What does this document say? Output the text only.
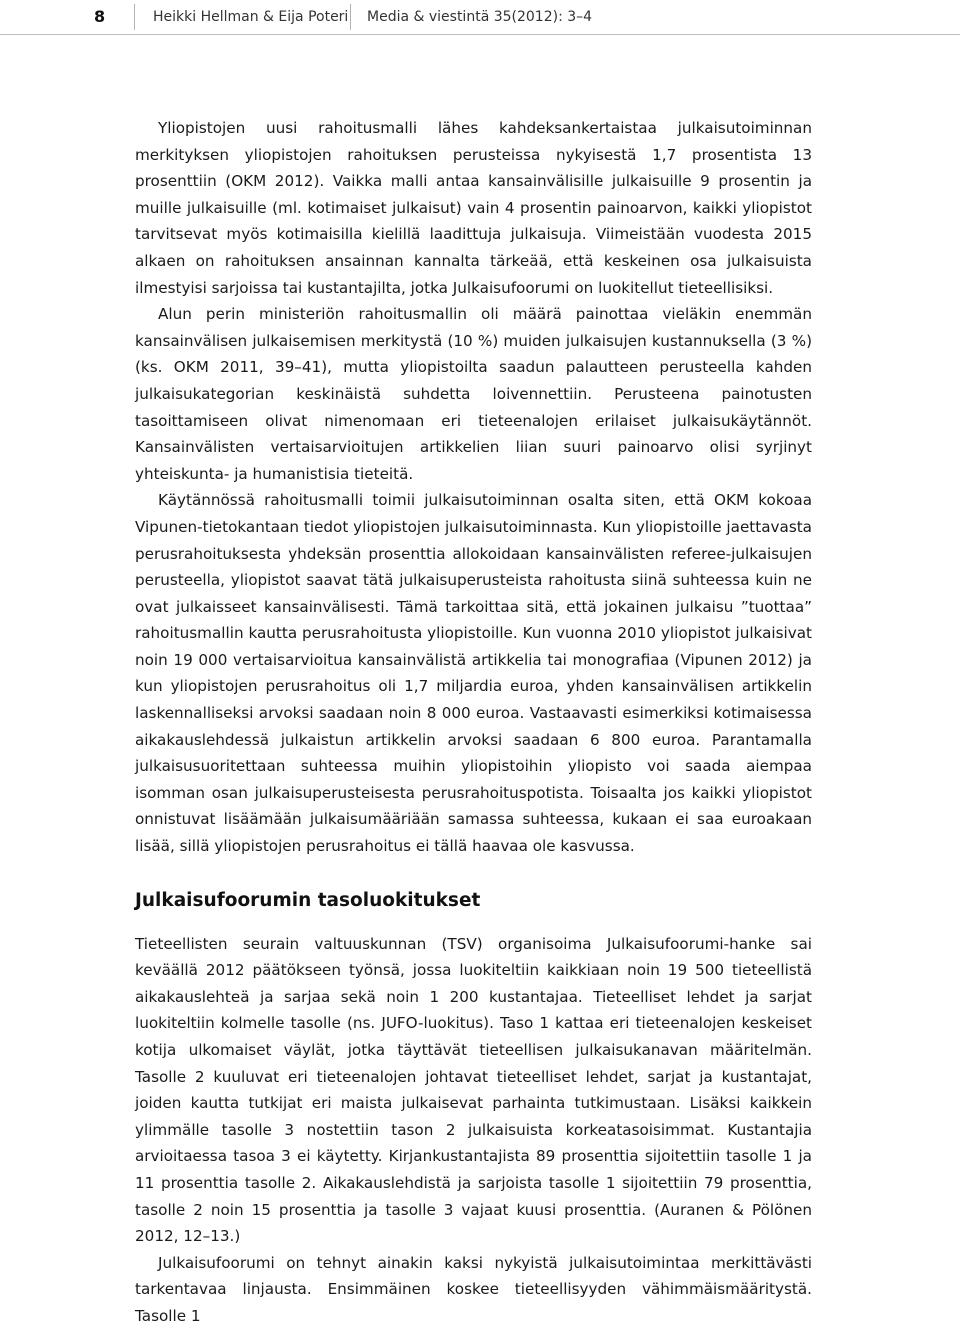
8	Heikki Hellman & Eija Poteri Media & viestintä 35(2012): 3–4

Yliopistojen uusi rahoitusmalli lähes kahdeksankertaistaa julkaisutoiminnan merkityksen yliopistojen rahoituksen perusteissa nykyisestä 1,7 prosentista 13 prosenttiin (OKM 2012). Vaikka malli antaa kansainvälisille julkaisuille 9 prosentin ja muille julkaisuille (ml. kotimaiset julkaisut) vain 4 prosentin painoarvon, kaikki yliopistot tarvitsevat myös kotimaisilla kielillä laadittuja julkaisuja. Viimeistään vuodesta 2015 alkaen on rahoituksen ansainnan kannalta tärkeää, että keskeinen osa julkaisuista ilmestyisi sarjoissa tai kustantajilta, jotka Julkaisufoorumi on luokitellut tieteellisiksi.

Alun perin ministeriön rahoitusmallin oli määrä painottaa vieläkin enemmän kansainvälisen julkaisemisen merkitystä (10 %) muiden julkaisujen kustannuksella (3 %) (ks. OKM 2011, 39–41), mutta yliopistoilta saadun palautteen perusteella kahden julkaisukategorian keskinäistä suhdetta loivennettiin. Perusteena painotusten tasoittamiseen olivat nimenomaan eri tieteenalojen erilaiset julkaisukäytännöt. Kansainvälisten vertaisarvioitujen artikkelien liian suuri painoarvo olisi syrjinyt yhteiskunta- ja humanistisia tieteitä.

Käytännössä rahoitusmalli toimii julkaisutoiminnan osalta siten, että OKM kokoaa Vipunen-tietokantaan tiedot yliopistojen julkaisutoiminnasta. Kun yliopistoille jaettavasta perusrahoituksesta yhdeksän prosenttia allokoidaan kansainvälisten referee-julkaisujen perusteella, yliopistot saavat tätä julkaisuperusteista rahoitusta siinä suhteessa kuin ne ovat julkaisseet kansainvälisesti. Tämä tarkoittaa sitä, että jokainen julkaisu ”tuottaa” rahoitusmallin kautta perusrahoitusta yliopistoille. Kun vuonna 2010 yliopistot julkaisivat noin 19 000 vertaisarvioitua kansainvälistä artikkelia tai monografiaa (Vipunen 2012) ja kun yliopistojen perusrahoitus oli 1,7 miljardia euroa, yhden kansainvälisen artikkelin laskennalliseksi arvoksi saadaan noin 8 000 euroa. Vastaavasti esimerkiksi kotimaisessa aikakauslehdessä julkaistun artikkelin arvoksi saadaan 6 800 euroa. Parantamalla julkaisusuoritettaan suhteessa muihin yliopistoihin yliopisto voi saada aiempaa isomman osan julkaisuperusteisesta perusrahoituspotista. Toisaalta jos kaikki yliopistot onnistuvat lisäämään julkaisumääriään samassa suhteessa, kukaan ei saa euroakaan lisää, sillä yliopistojen perusrahoitus ei tällä haavaa ole kasvussa.

Julkaisufoorumin tasoluokitukset

Tieteellisten seurain valtuuskunnan (TSV) organisoima Julkaisufoorumi-hanke sai keväällä 2012 päätökseen työnsä, jossa luokiteltiin kaikkiaan noin 19 500 tieteellistä aikakauslehteä ja sarjaa sekä noin 1 200 kustantajaa. Tieteelliset lehdet ja sarjat luokiteltiin kolmelle tasolle (ns. JUFO-luokitus). Taso 1 kattaa eri tieteenalojen keskeiset kotija ulkomaiset väylät, jotka täyttävät tieteellisen julkaisukanavan määritelmän. Tasolle 2 kuuluvat eri tieteenalojen johtavat tieteelliset lehdet, sarjat ja kustantajat, joiden kautta tutkijat eri maista julkaisevat parhainta tutkimustaan. Lisäksi kaikkein ylimmälle tasolle 3 nostettiin tason 2 julkaisuista korkeatasoisimmat. Kustantajia arvioitaessa tasoa 3 ei käytetty. Kirjankustantajista 89 prosenttia sijoitettiin tasolle 1 ja 11 prosenttia tasolle 2. Aikakauslehdistä ja sarjoista tasolle 1 sijoitettiin 79 prosenttia, tasolle 2 noin 15 prosenttia ja tasolle 3 vajaat kuusi prosenttia. (Auranen & Pölönen 2012, 12–13.)

Julkaisufoorumi on tehnyt ainakin kaksi nykyistä julkaisutoimintaa merkittävästi tarkentavaa linjausta. Ensimmäinen koskee tieteellisyyden vähimmäismääritystä. Tasolle 1
